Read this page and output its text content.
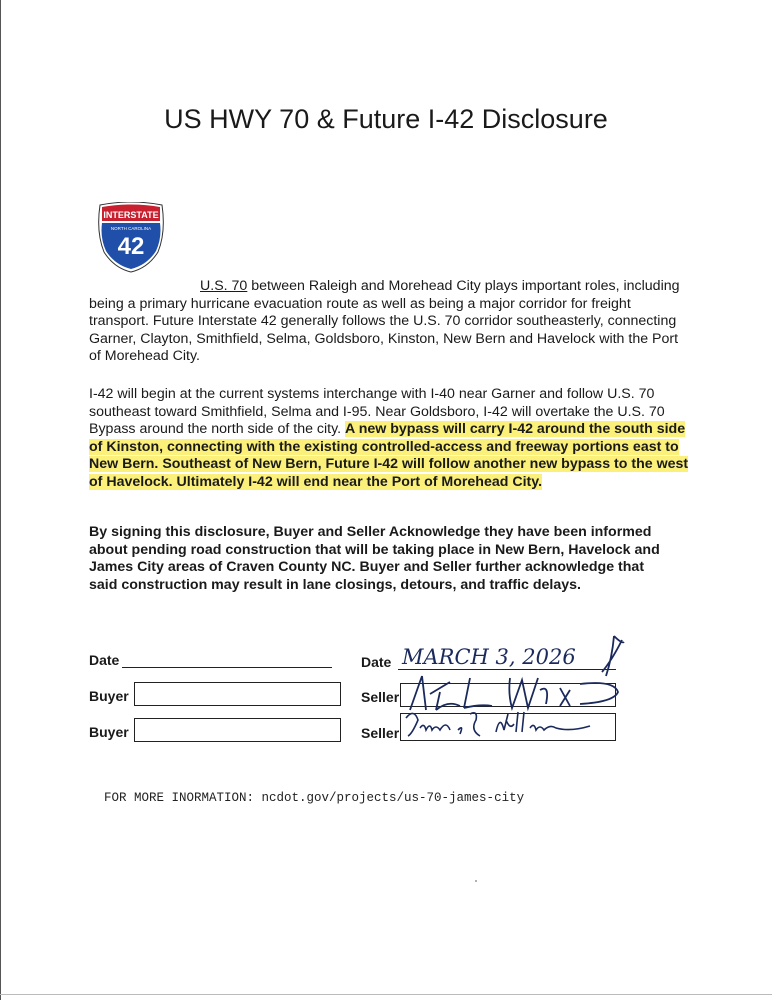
US HWY 70 & Future I-42 Disclosure
INTERSTATE
NORTH CAROLINA
42

U.S. 70 between Raleigh and Morehead City plays important roles, including being a primary hurricane evacuation route as well as being a major corridor for freight transport. Future Interstate 42 generally follows the U.S. 70 corridor southeasterly, connecting Garner, Clayton, Smithfield, Selma, Goldsboro, Kinston, New Bern and Havelock with the Port of Morehead City.

I-42 will begin at the current systems interchange with I-40 near Garner and follow U.S. 70 southeast toward Smithfield, Selma and I-95. Near Goldsboro, I-42 will overtake the U.S. 70 Bypass around the north side of the city. A new bypass will carry I-42 around the south side of Kinston, connecting with the existing controlled-access and freeway portions east to New Bern. Southeast of New Bern, Future I-42 will follow another new bypass to the west of Havelock. Ultimately I-42 will end near the Port of Morehead City.

By signing this disclosure, Buyer and Seller Acknowledge they have been informed about pending road construction that will be taking place in New Bern, Havelock and James City areas of Craven County NC. Buyer and Seller further acknowledge that said construction may result in lane closings, detours, and traffic delays.

Date
Buyer
Buyer
Date MARCH 3, 2026
Seller
Seller
FOR MORE INORMATION: ncdot.gov/projects/us-70-james-city
